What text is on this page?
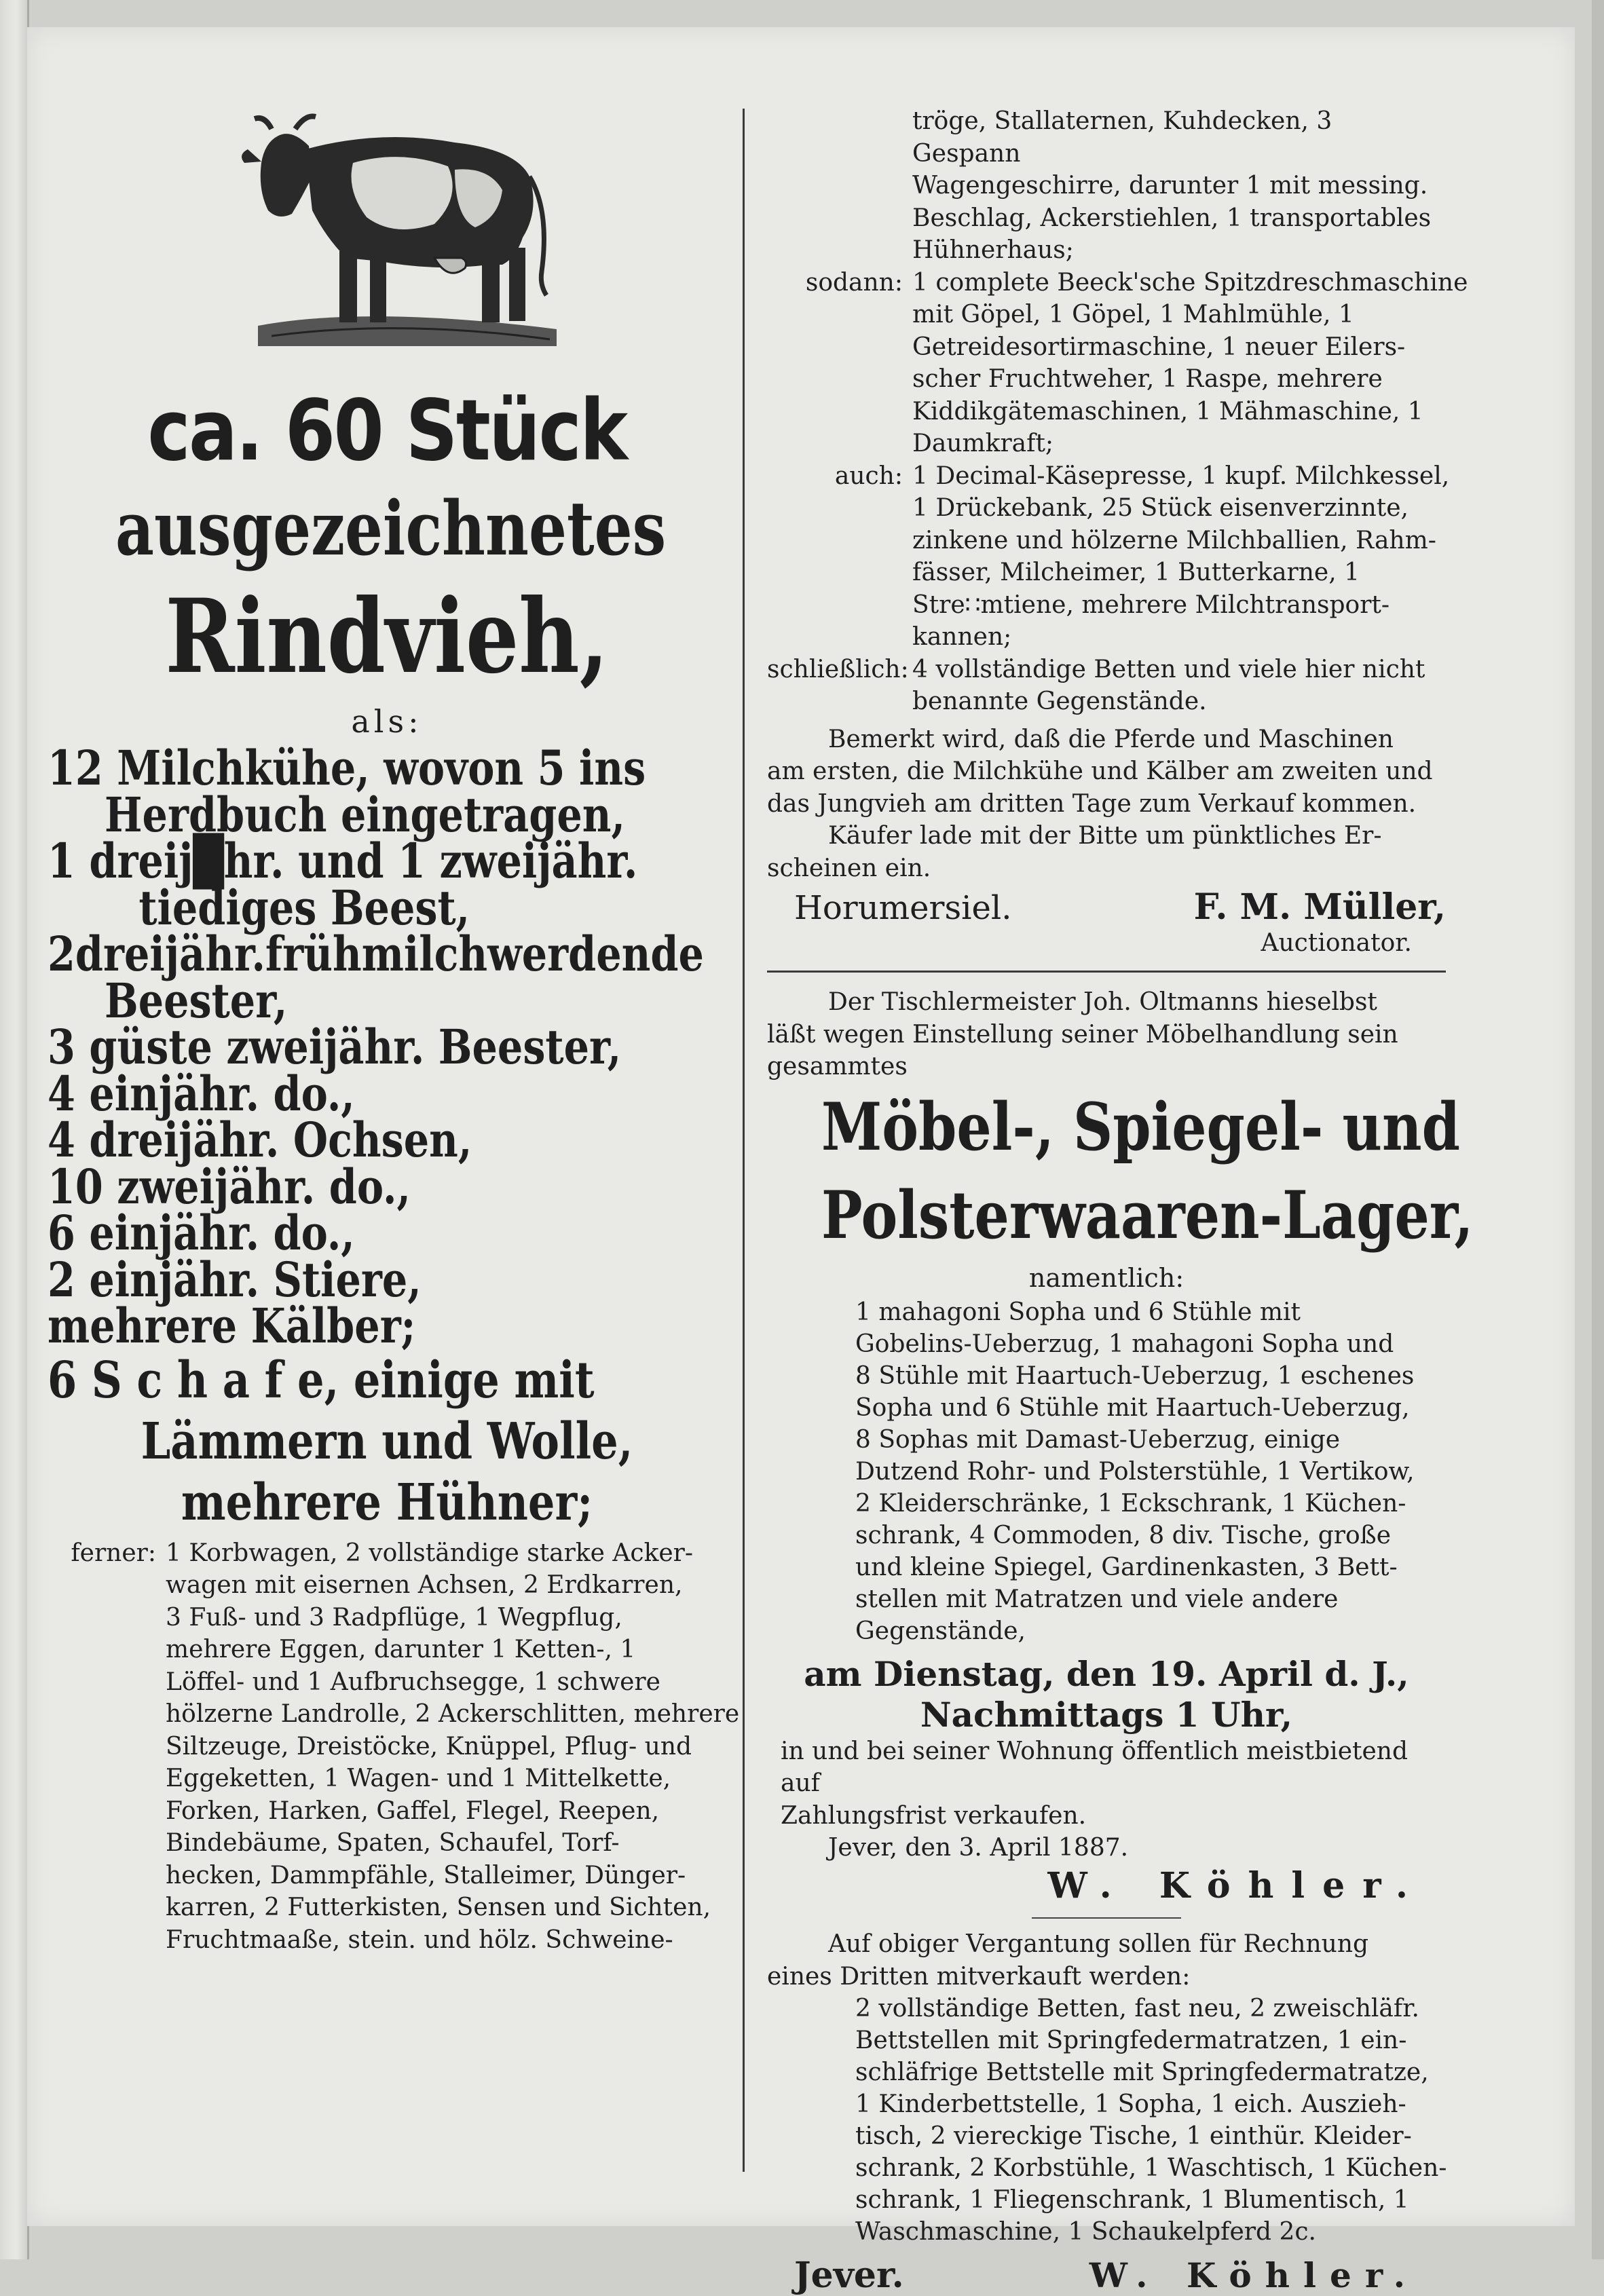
ca. 60 Stück
ausgezeichnetes
Rindvieh,
als:
12 Milchkühe, wovon 5 ins
Herdbuch eingetragen,
1 dreij█hr. und 1 zweijähr.
tiediges Beest,
2dreijähr.frühmilchwerdende
Beester,
3 güste zweijähr. Beester,
4 einjähr. do.,
4 dreijähr. Ochsen,
10 zweijähr. do.,
6 einjähr. do.,
2 einjähr. Stiere,
mehrere Kälber;
6 S c h a f e, einige mit
Lämmern und Wolle,
mehrere Hühner;
ferner: 1 Korbwagen, 2 vollständige starke Acker-
wagen mit eisernen Achsen, 2 Erdkarren,
3 Fuß- und 3 Radpflüge, 1 Wegpflug,
mehrere Eggen, darunter 1 Ketten-, 1
Löffel- und 1 Aufbruchsegge, 1 schwere
hölzerne Landrolle, 2 Ackerschlitten, mehrere
Siltzeuge, Dreistöcke, Knüppel, Pflug- und
Eggeketten, 1 Wagen- und 1 Mittelkette,
Forken, Harken, Gaffel, Flegel, Reepen,
Bindebäume, Spaten, Schaufel, Torf-
hecken, Dammpfähle, Stalleimer, Dünger-
karren, 2 Futterkisten, Sensen und Sichten,
Fruchtmaaße, stein. und hölz. Schweine-
tröge, Stallaternen, Kuhdecken, 3 Gespann
Wagengeschirre, darunter 1 mit messing.
Beschlag, Ackerstiehlen, 1 transportables
Hühnerhaus;
sodann: 1 complete Beeck'sche Spitzdreschmaschine
mit Göpel, 1 Göpel, 1 Mahlmühle, 1
Getreidesortirmaschine, 1 neuer Eilers-
scher Fruchtweher, 1 Raspe, mehrere
Kiddikgätemaschinen, 1 Mähmaschine, 1
Daumkraft;
auch: 1 Decimal-Käsepresse, 1 kupf. Milchkessel,
1 Drückebank, 25 Stück eisenverzinnte,
zinkene und hölzerne Milchballien, Rahm-
fässer, Milcheimer, 1 Butterkarne, 1
Stre∷mtiene, mehrere Milchtransport-
kannen;
schließlich: 4 vollständige Betten und viele hier nicht
benannte Gegenstände.
Bemerkt wird, daß die Pferde und Maschinen
am ersten, die Milchkühe und Kälber am zweiten und
das Jungvieh am dritten Tage zum Verkauf kommen.
Käufer lade mit der Bitte um pünktliches Er-
scheinen ein.
Horumersiel.	F. M. Müller,
Auctionator.
Der Tischlermeister Joh. Oltmanns hieselbst
läßt wegen Einstellung seiner Möbelhandlung sein
gesammtes
Möbel-, Spiegel- und
Polsterwaaren-Lager,
namentlich:
1 mahagoni Sopha und 6 Stühle mit
Gobelins-Ueberzug, 1 mahagoni Sopha und
8 Stühle mit Haartuch-Ueberzug, 1 eschenes
Sopha und 6 Stühle mit Haartuch-Ueberzug,
8 Sophas mit Damast-Ueberzug, einige
Dutzend Rohr- und Polsterstühle, 1 Vertikow,
2 Kleiderschränke, 1 Eckschrank, 1 Küchen-
schrank, 4 Commoden, 8 div. Tische, große
und kleine Spiegel, Gardinenkasten, 3 Bett-
stellen mit Matratzen und viele andere
Gegenstände,
am Dienstag, den 19. April d. J.,
Nachmittags 1 Uhr,
in und bei seiner Wohnung öffentlich meistbietend auf
Zahlungsfrist verkaufen.
Jever, den 3. April 1887.
W. Köhler.
Auf obiger Vergantung sollen für Rechnung
eines Dritten mitverkauft werden:
2 vollständige Betten, fast neu, 2 zweischläfr.
Bettstellen mit Springfedermatratzen, 1 ein-
schläfrige Bettstelle mit Springfedermatratze,
1 Kinderbettstelle, 1 Sopha, 1 eich. Auszieh-
tisch, 2 viereckige Tische, 1 einthür. Kleider-
schrank, 2 Korbstühle, 1 Waschtisch, 1 Küchen-
schrank, 1 Fliegenschrank, 1 Blumentisch, 1
Waschmaschine, 1 Schaukelpferd 2c.
Jever.	W. Köhler.
